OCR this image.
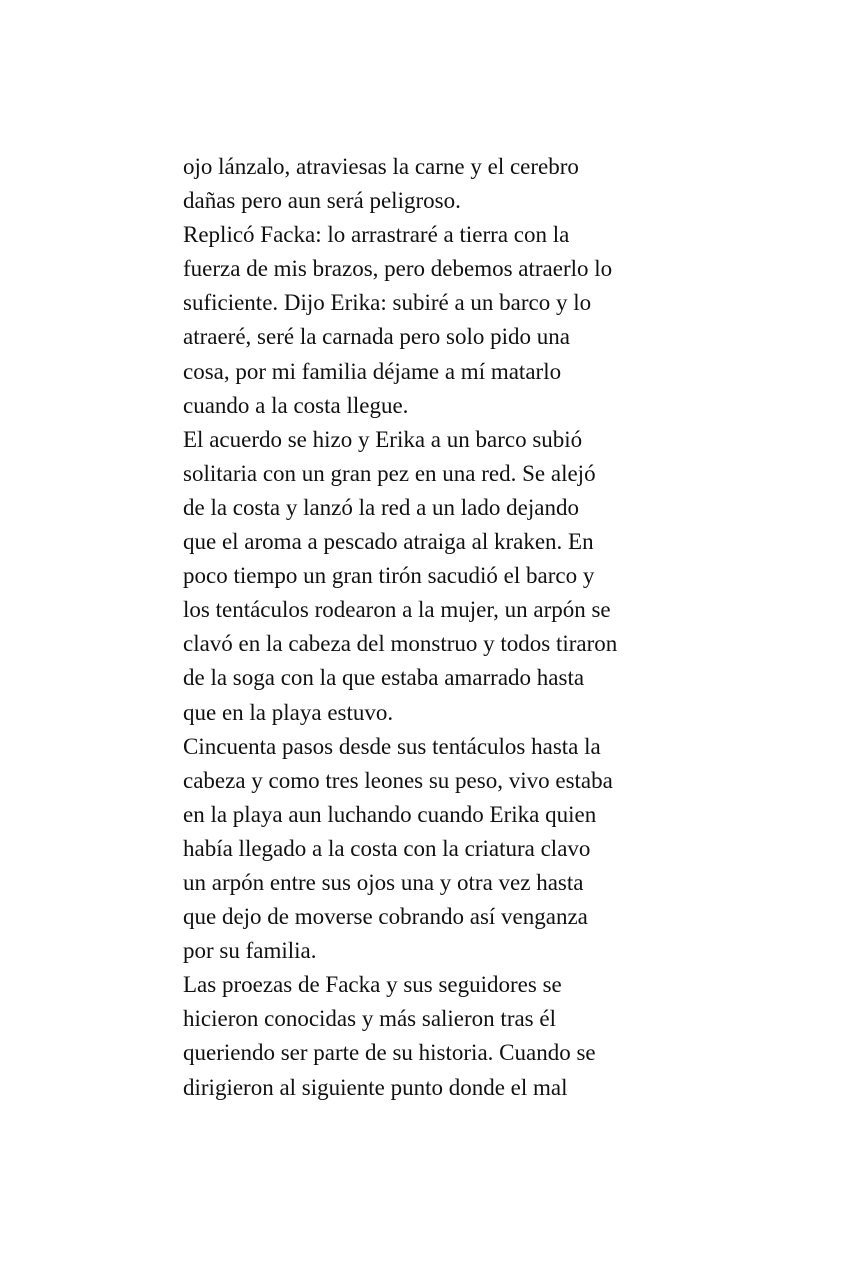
ojo lánzalo, atraviesas la carne y el cerebro
dañas pero aun será peligroso.
Replicó Facka: lo arrastraré a tierra con la
fuerza de mis brazos, pero debemos atraerlo lo
suficiente. Dijo Erika: subiré a un barco y lo
atraeré, seré la carnada pero solo pido una
cosa, por mi familia déjame a mí matarlo
cuando a la costa llegue.
El acuerdo se hizo y Erika a un barco subió
solitaria con un gran pez en una red. Se alejó
de la costa y lanzó la red a un lado dejando
que el aroma a pescado atraiga al kraken. En
poco tiempo un gran tirón sacudió el barco y
los tentáculos rodearon a la mujer, un arpón se
clavó en la cabeza del monstruo y todos tiraron
de la soga con la que estaba amarrado hasta
que en la playa estuvo.
Cincuenta pasos desde sus tentáculos hasta la
cabeza y como tres leones su peso, vivo estaba
en la playa aun luchando cuando Erika quien
había llegado a la costa con la criatura clavo
un arpón entre sus ojos una y otra vez hasta
que dejo de moverse cobrando así venganza
por su familia.
Las proezas de Facka y sus seguidores se
hicieron conocidas y más salieron tras él
queriendo ser parte de su historia. Cuando se
dirigieron al siguiente punto donde el mal
